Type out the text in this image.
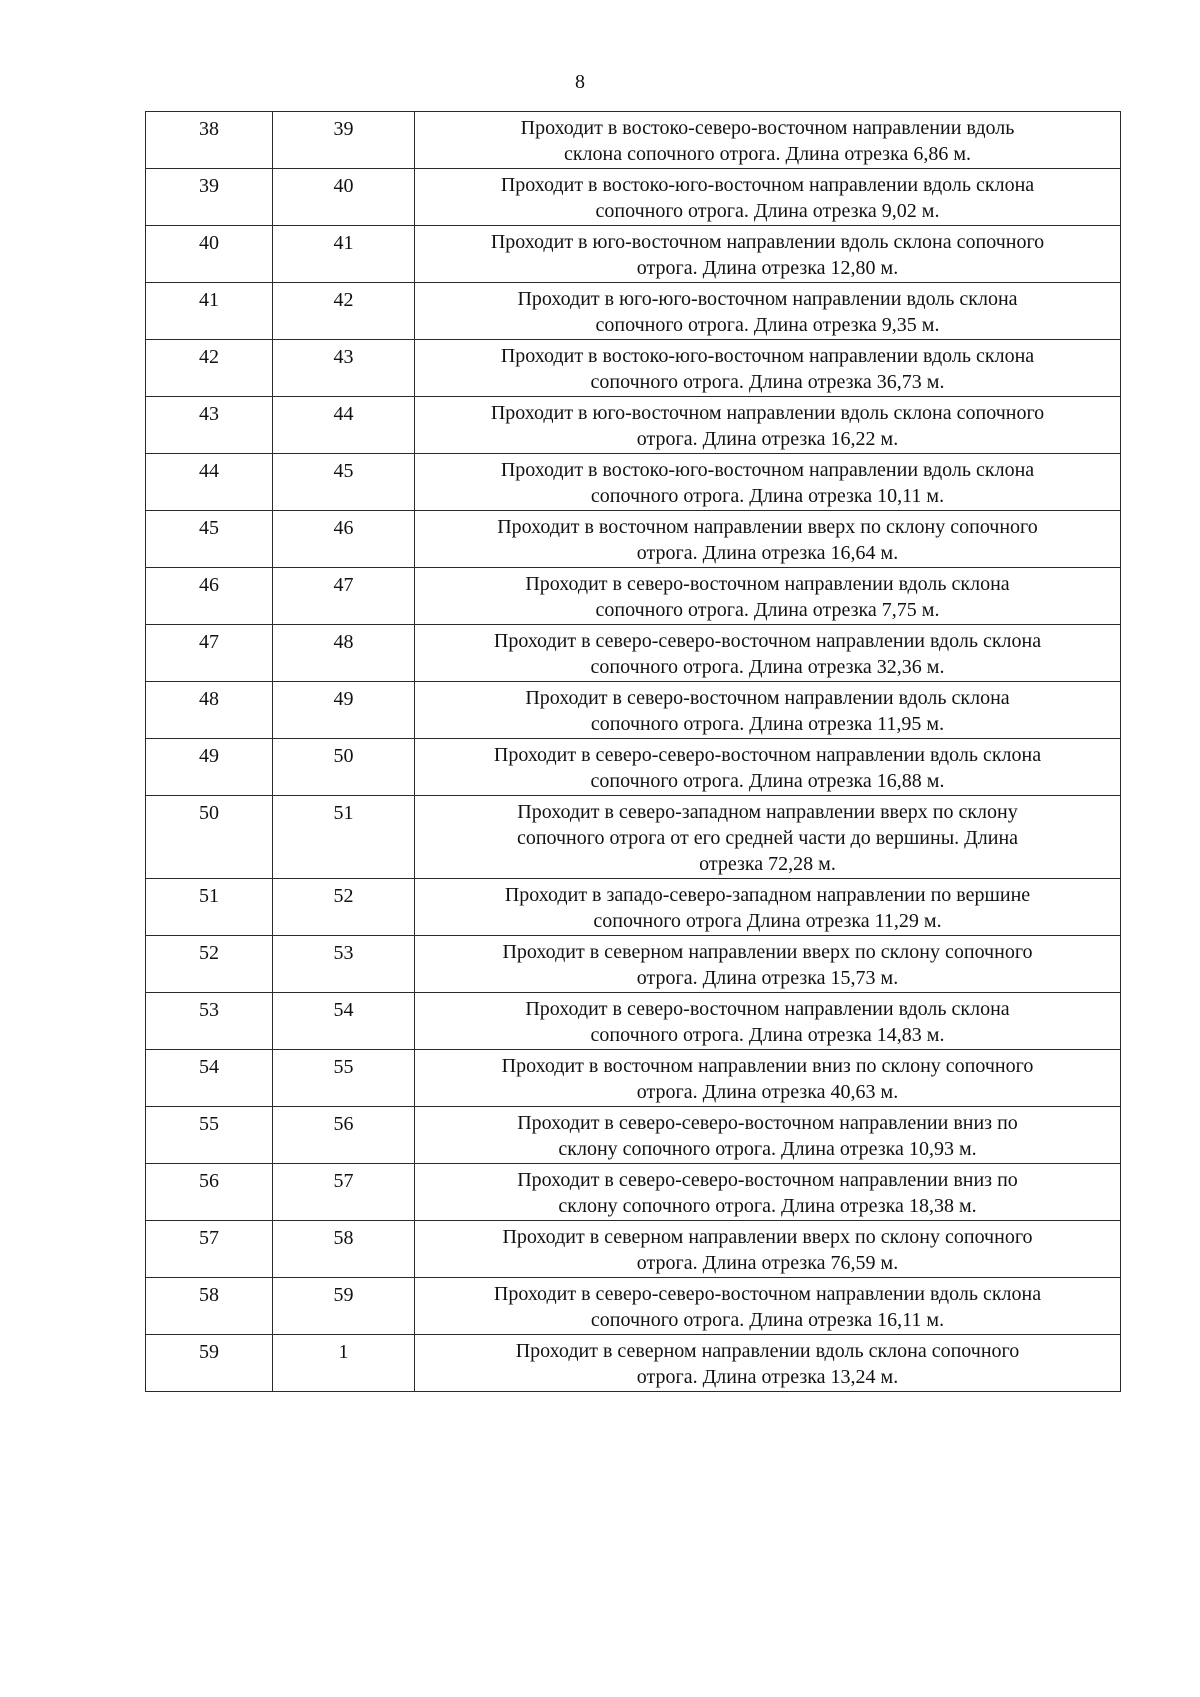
8
38	39	Проходит в востоко-северо-восточном направлении вдоль
склона сопочного отрога. Длина отрезка 6,86 м.

39	40	Проходит в востоко-юго-восточном направлении вдоль склона
сопочного отрога. Длина отрезка 9,02 м.

40	41	Проходит в юго-восточном направлении вдоль склона сопочного
отрога. Длина отрезка 12,80 м.

41	42	Проходит в юго-юго-восточном направлении вдоль склона
сопочного отрога. Длина отрезка 9,35 м.

42	43	Проходит в востоко-юго-восточном направлении вдоль склона
сопочного отрога. Длина отрезка 36,73 м.

43	44	Проходит в юго-восточном направлении вдоль склона сопочного
отрога. Длина отрезка 16,22 м.

44	45	Проходит в востоко-юго-восточном направлении вдоль склона
сопочного отрога. Длина отрезка 10,11 м.

45	46	Проходит в восточном направлении вверх по склону сопочного
отрога. Длина отрезка 16,64 м.

46	47	Проходит в северо-восточном направлении вдоль склона
сопочного отрога. Длина отрезка 7,75 м.

47	48	Проходит в северо-северо-восточном направлении вдоль склона
сопочного отрога. Длина отрезка 32,36 м.

48	49	Проходит в северо-восточном направлении вдоль склона
сопочного отрога. Длина отрезка 11,95 м.

49	50	Проходит в северо-северо-восточном направлении вдоль склона
сопочного отрога. Длина отрезка 16,88 м.

50	51	Проходит в северо-западном направлении вверх по склону
сопочного отрога от его средней части до вершины. Длина
отрезка 72,28 м.

51	52	Проходит в западо-северо-западном направлении по вершине
сопочного отрога Длина отрезка 11,29 м.

52	53	Проходит в северном направлении вверх по склону сопочного
отрога. Длина отрезка 15,73 м.

53	54	Проходит в северо-восточном направлении вдоль склона
сопочного отрога. Длина отрезка 14,83 м.

54	55	Проходит в восточном направлении вниз по склону сопочного
отрога. Длина отрезка 40,63 м.

55	56	Проходит в северо-северо-восточном направлении вниз по
склону сопочного отрога. Длина отрезка 10,93 м.

56	57	Проходит в северо-северо-восточном направлении вниз по
склону сопочного отрога. Длина отрезка 18,38 м.

57	58	Проходит в северном направлении вверх по склону сопочного
отрога. Длина отрезка 76,59 м.

58	59	Проходит в северо-северо-восточном направлении вдоль склона
сопочного отрога. Длина отрезка 16,11 м.

59	1	Проходит в северном направлении вдоль склона сопочного
отрога. Длина отрезка 13,24 м.
